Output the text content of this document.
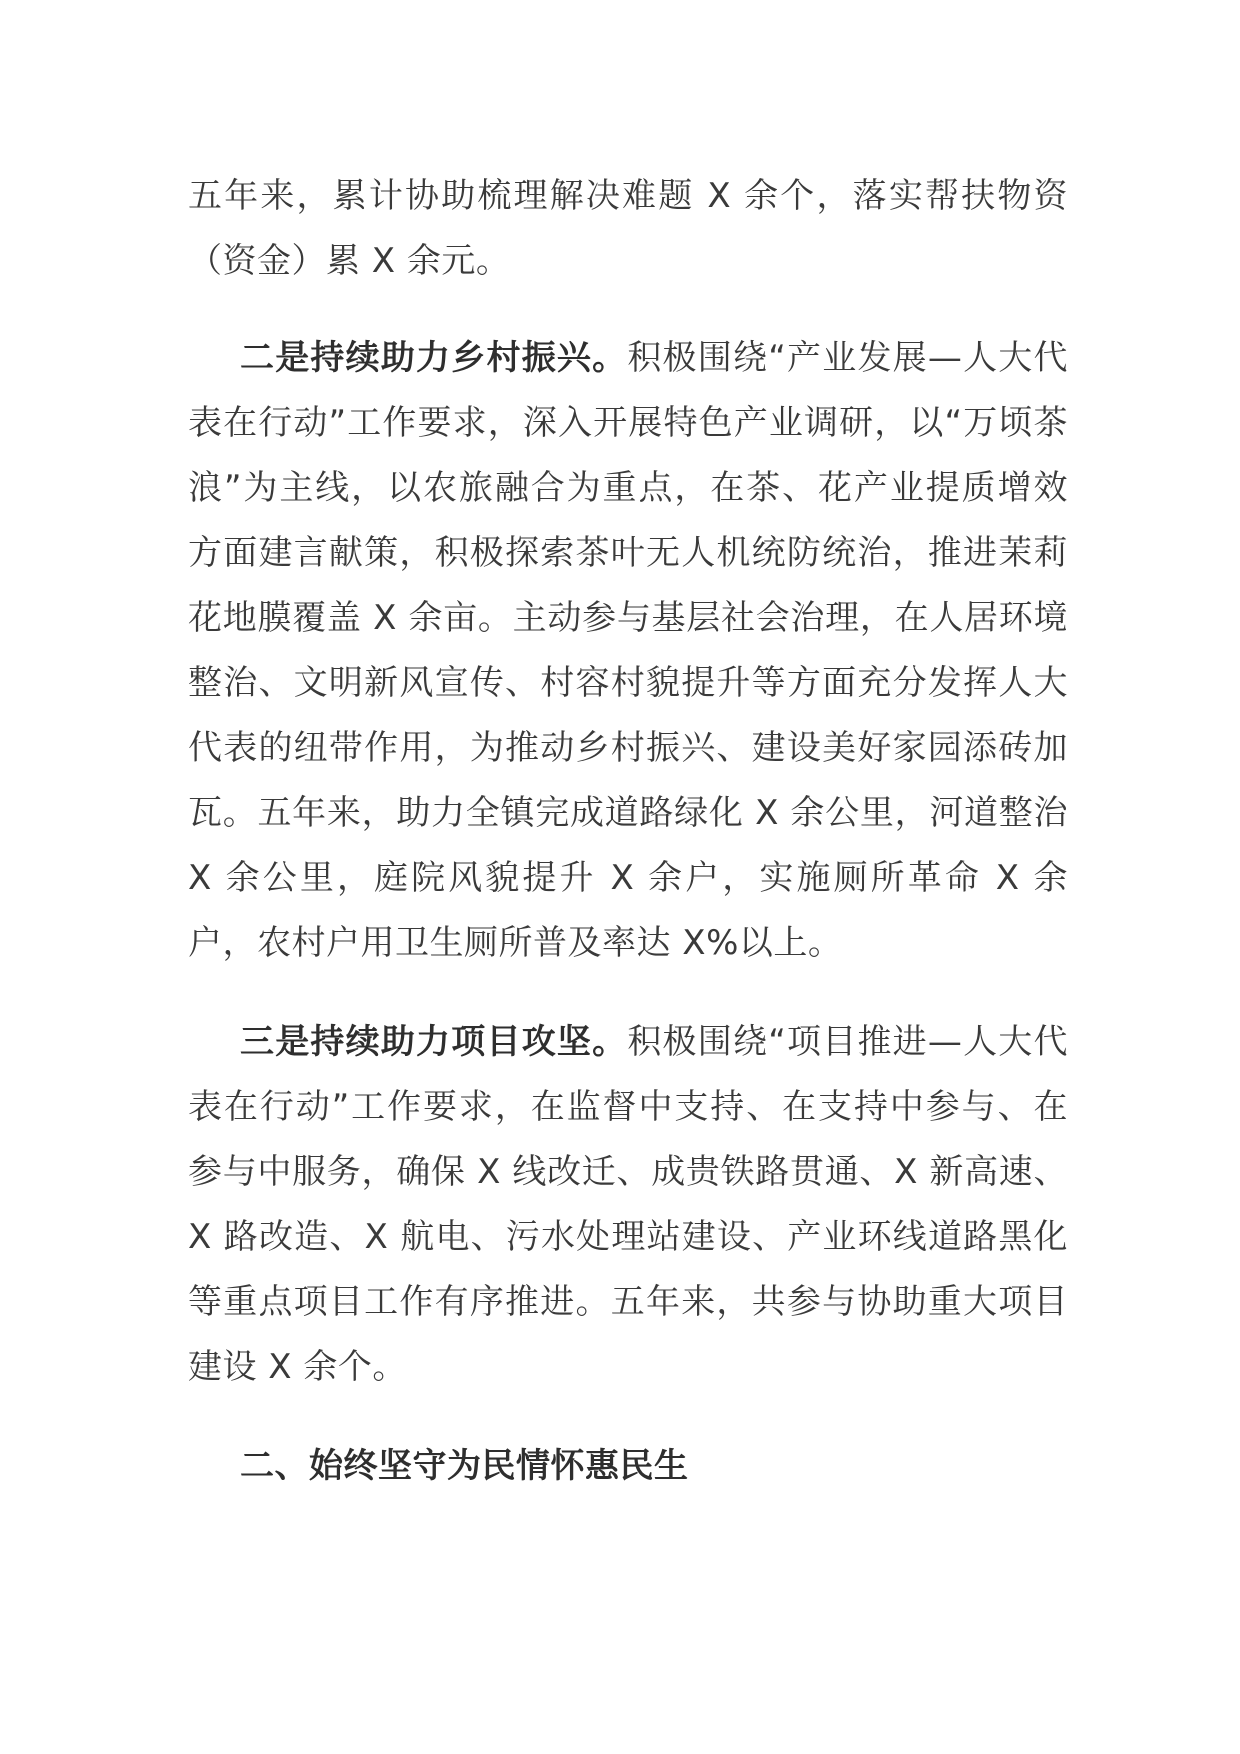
五年来，累计协助梳理解决难题 X 余个，落实帮扶物资（资金）累 X 余元。

二是持续助力乡村振兴。积极围绕“产业发展—人大代表在行动”工作要求，深入开展特色产业调研，以“万顷茶浪”为主线，以农旅融合为重点，在茶、花产业提质增效方面建言献策，积极探索茶叶无人机统防统治，推进茉莉花地膜覆盖 X 余亩。主动参与基层社会治理，在人居环境整治、文明新风宣传、村容村貌提升等方面充分发挥人大代表的纽带作用，为推动乡村振兴、建设美好家园添砖加瓦。五年来，助力全镇完成道路绿化 X 余公里，河道整治 X 余公里，庭院风貌提升 X 余户，实施厕所革命 X 余户，农村户用卫生厕所普及率达 X%以上。

三是持续助力项目攻坚。积极围绕“项目推进—人大代表在行动”工作要求，在监督中支持、在支持中参与、在参与中服务，确保 X 线改迁、成贵铁路贯通、X 新高速、X 路改造、X 航电、污水处理站建设、产业环线道路黑化等重点项目工作有序推进。五年来，共参与协助重大项目建设 X 余个。

二、始终坚守为民情怀惠民生
